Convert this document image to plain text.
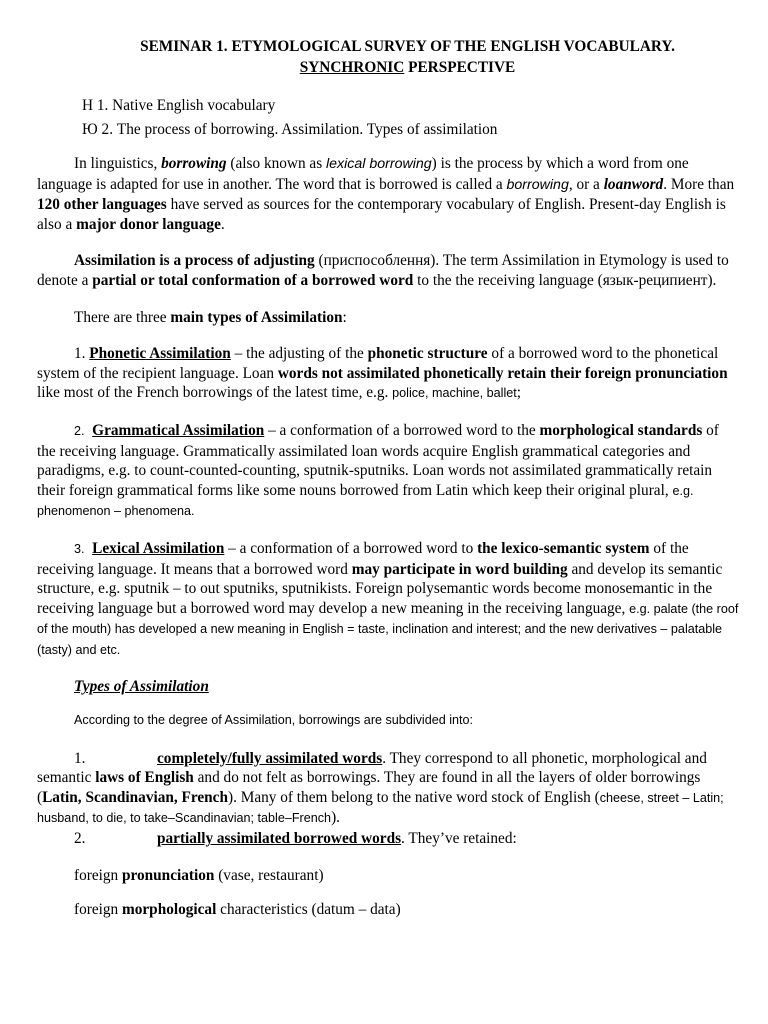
SEMINAR 1. ETYMOLOGICAL SURVEY OF THE ENGLISH VOCABULARY.
SYNCHRONIC PERSPECTIVE
Н 1. Native English vocabulary
Ю 2. The process of borrowing. Assimilation. Types of assimilation

In linguistics, borrowing (also known as lexical borrowing) is the process by which a word from one language is adapted for use in another. The word that is borrowed is called a borrowing, or a loanword. More than 120 other languages have served as sources for the contemporary vocabulary of English. Present-day English is also a major donor language.

Assimilation is a process of adjusting (приспособлення). The term Assimilation in Etymology is used to denote a partial or total conformation of a borrowed word to the the receiving language (язык-реципиент).

There are three main types of Assimilation:

1. Phonetic Assimilation – the adjusting of the phonetic structure of a borrowed word to the phonetical system of the recipient language. Loan words not assimilated phonetically retain their foreign pronunciation like most of the French borrowings of the latest time, e.g. police, machine, ballet;

2. Grammatical Assimilation – a conformation of a borrowed word to the morphological standards of the receiving language. Grammatically assimilated loan words acquire English grammatical categories and paradigms, e.g. to count-counted-counting, sputnik-sputniks. Loan words not assimilated grammatically retain their foreign grammatical forms like some nouns borrowed from Latin which keep their original plural, e.g. phenomenon – phenomena.

3. Lexical Assimilation – a conformation of a borrowed word to the lexico-semantic system of the receiving language. It means that a borrowed word may participate in word building and develop its semantic structure, e.g. sputnik – to out sputniks, sputnikists. Foreign polysemantic words become monosemantic in the receiving language but a borrowed word may develop a new meaning in the receiving language, e.g. palate (the roof of the mouth) has developed a new meaning in English = taste, inclination and interest; and the new derivatives – palatable (tasty) and etc.

Types of Assimilation

According to the degree of Assimilation, borrowings are subdivided into:

1.	completely/fully assimilated words. They correspond to all phonetic, morphological and semantic laws of English and do not felt as borrowings. They are found in all the layers of older borrowings (Latin, Scandinavian, French). Many of them belong to the native word stock of English (cheese, street – Latin; husband, to die, to take–Scandinavian; table–French).

2.	partially assimilated borrowed words. They’ve retained:

foreign pronunciation (vase, restaurant)

foreign morphological characteristics (datum – data)
